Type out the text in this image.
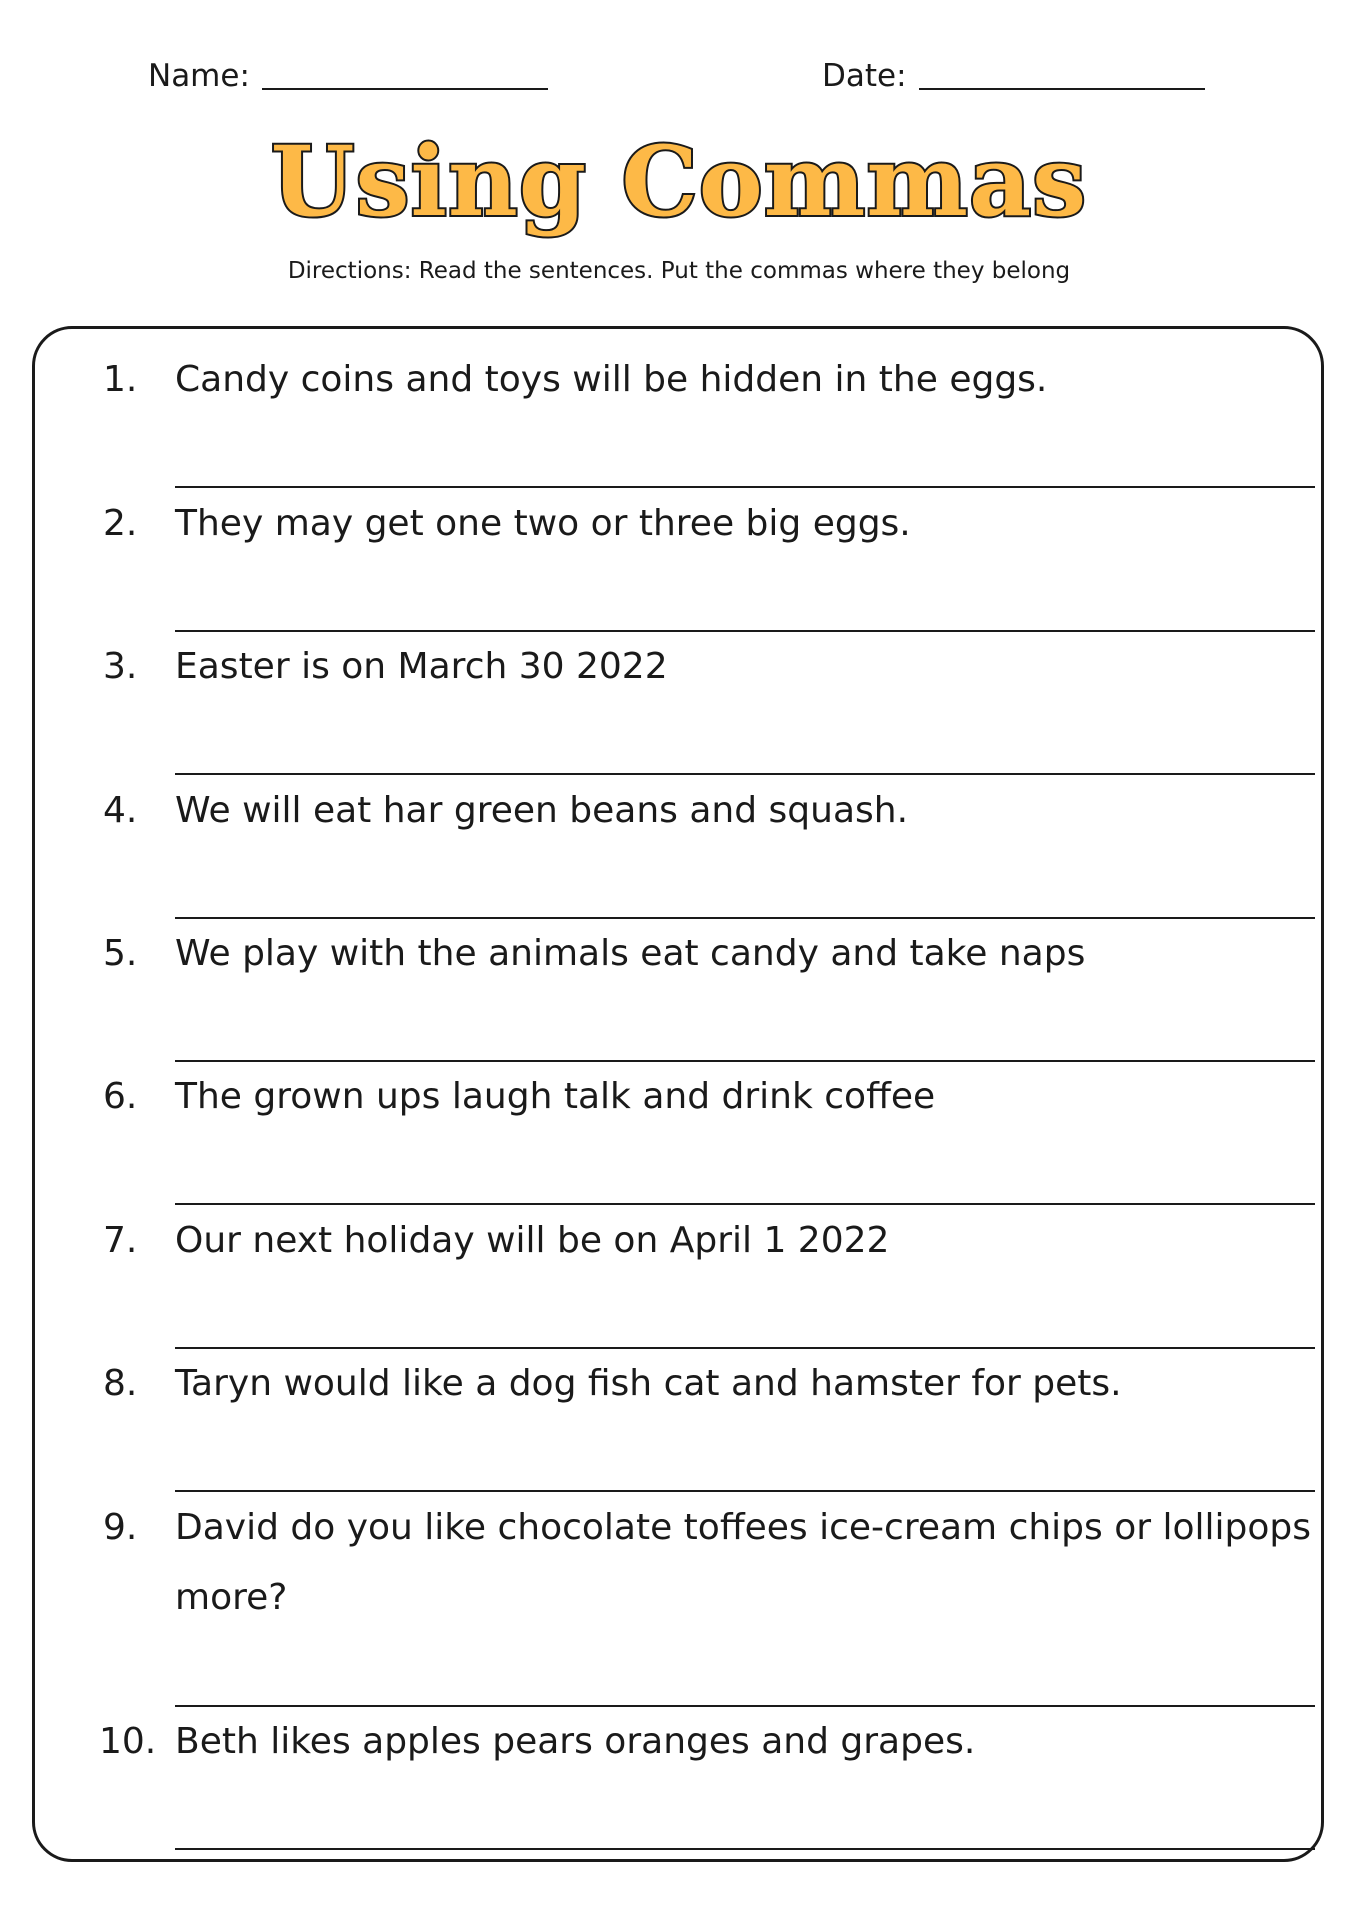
Name:	Date:
Using Commas
Directions: Read the sentences. Put the commas where they belong
1. Candy coins and toys will be hidden in the eggs.
2. They may get one two or three big eggs.
3. Easter is on March 30 2022
4. We will eat har green beans and squash.
5. We play with the animals eat candy and take naps
6. The grown ups laugh talk and drink coffee
7. Our next holiday will be on April 1 2022
8. Taryn would like a dog fish cat and hamster for pets.
9. David do you like chocolate toffees ice-cream chips or lollipops more?
10. Beth likes apples pears oranges and grapes.
